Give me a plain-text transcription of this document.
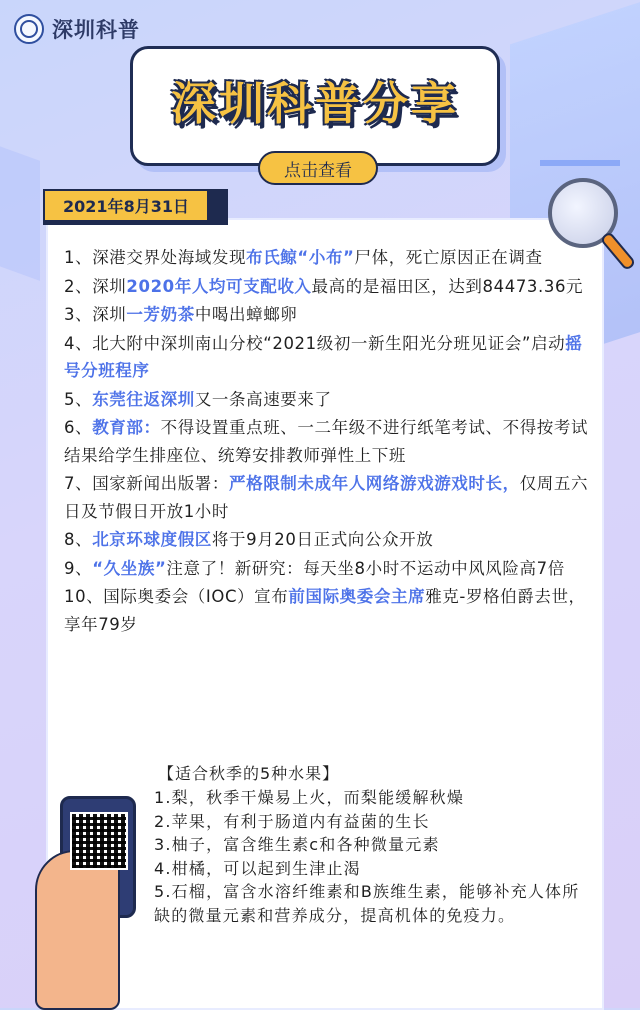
深圳科普
深圳科普分享
点击查看
2021年8月31日
1、深港交界处海域发现布氏鲸“小布”尸体，死亡原因正在调查
2、深圳2020年人均可支配收入最高的是福田区，达到84473.36元
3、深圳一芳奶茶中喝出蟑螂卵
4、北大附中深圳南山分校“2021级初一新生阳光分班见证会”启动摇号分班程序
5、东莞往返深圳又一条高速要来了
6、教育部：不得设置重点班、一二年级不进行纸笔考试、不得按考试结果给学生排座位、统筹安排教师弹性上下班
7、国家新闻出版署：严格限制未成年人网络游戏游戏时长，仅周五六日及节假日开放1小时
8、北京环球度假区将于9月20日正式向公众开放
9、“久坐族”注意了！新研究：每天坐8小时不运动中风风险高7倍
10、国际奥委会（IOC）宣布前国际奥委会主席雅克-罗格伯爵去世，享年79岁
【适合秋季的5种水果】
1.梨，秋季干燥易上火，而梨能缓解秋燥
2.苹果，有利于肠道内有益菌的生长
3.柚子，富含维生素c和各种微量元素
4.柑橘，可以起到生津止渴
5.石榴，富含水溶纤维素和B族维生素，能够补充人体所缺的微量元素和营养成分，提高机体的免疫力。
